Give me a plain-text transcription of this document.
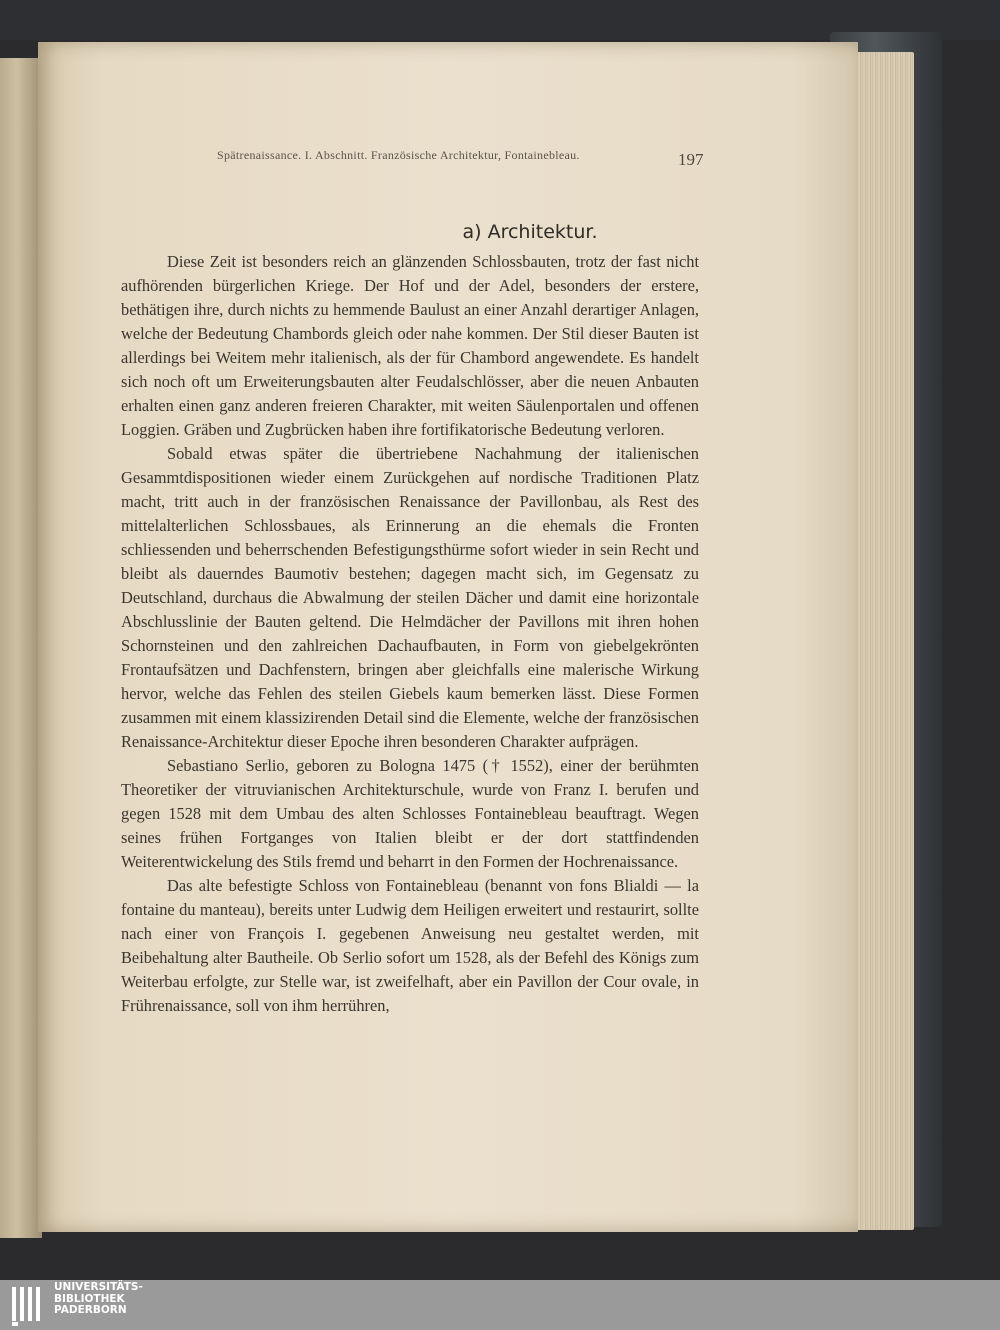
Spätrenaissance. I. Abschnitt. Französische Architektur, Fontainebleau.	197
a) Architektur.

Diese Zeit ist besonders reich an glänzenden Schlossbauten, trotz der fast nicht aufhörenden bürgerlichen Kriege. Der Hof und der Adel, besonders der erstere, bethätigen ihre, durch nichts zu hemmende Baulust an einer Anzahl derartiger Anlagen, welche der Bedeutung Chambords gleich oder nahe kommen. Der Stil dieser Bauten ist allerdings bei Weitem mehr italienisch, als der für Chambord angewendete. Es handelt sich noch oft um Erweiterungsbauten alter Feudalschlösser, aber die neuen Anbauten erhalten einen ganz anderen freieren Charakter, mit weiten Säulenportalen und offenen Loggien. Gräben und Zugbrücken haben ihre fortifikatorische Bedeutung verloren.

Sobald etwas später die übertriebene Nachahmung der italienischen Gesammtdispositionen wieder einem Zurückgehen auf nordische Traditionen Platz macht, tritt auch in der französischen Renaissance der Pavillonbau, als Rest des mittelalterlichen Schlossbaues, als Erinnerung an die ehemals die Fronten schliessenden und beherrschenden Befestigungsthürme sofort wieder in sein Recht und bleibt als dauerndes Baumotiv bestehen; dagegen macht sich, im Gegensatz zu Deutschland, durchaus die Abwalmung der steilen Dächer und damit eine horizontale Abschlusslinie der Bauten geltend. Die Helmdächer der Pavillons mit ihren hohen Schornsteinen und den zahlreichen Dachaufbauten, in Form von giebelgekrönten Frontaufsätzen und Dachfenstern, bringen aber gleichfalls eine malerische Wirkung hervor, welche das Fehlen des steilen Giebels kaum bemerken lässt. Diese Formen zusammen mit einem klassizirenden Detail sind die Elemente, welche der französischen Renaissance-Architektur dieser Epoche ihren besonderen Charakter aufprägen.

Sebastiano Serlio, geboren zu Bologna 1475 († 1552), einer der berühmten Theoretiker der vitruvianischen Architekturschule, wurde von Franz I. berufen und gegen 1528 mit dem Umbau des alten Schlosses Fontainebleau beauftragt. Wegen seines frühen Fortganges von Italien bleibt er der dort stattfindenden Weiterentwickelung des Stils fremd und beharrt in den Formen der Hochrenaissance.

Das alte befestigte Schloss von Fontainebleau (benannt von fons Blialdi — la fontaine du manteau), bereits unter Ludwig dem Heiligen erweitert und restaurirt, sollte nach einer von François I. gegebenen Anweisung neu gestaltet werden, mit Beibehaltung alter Bautheile. Ob Serlio sofort um 1528, als der Befehl des Königs zum Weiterbau erfolgte, zur Stelle war, ist zweifelhaft, aber ein Pavillon der Cour ovale, in Frührenaissance, soll von ihm herrühren,

UNIVERSITÄTS-
BIBLIOTHEK
PADERBORN
